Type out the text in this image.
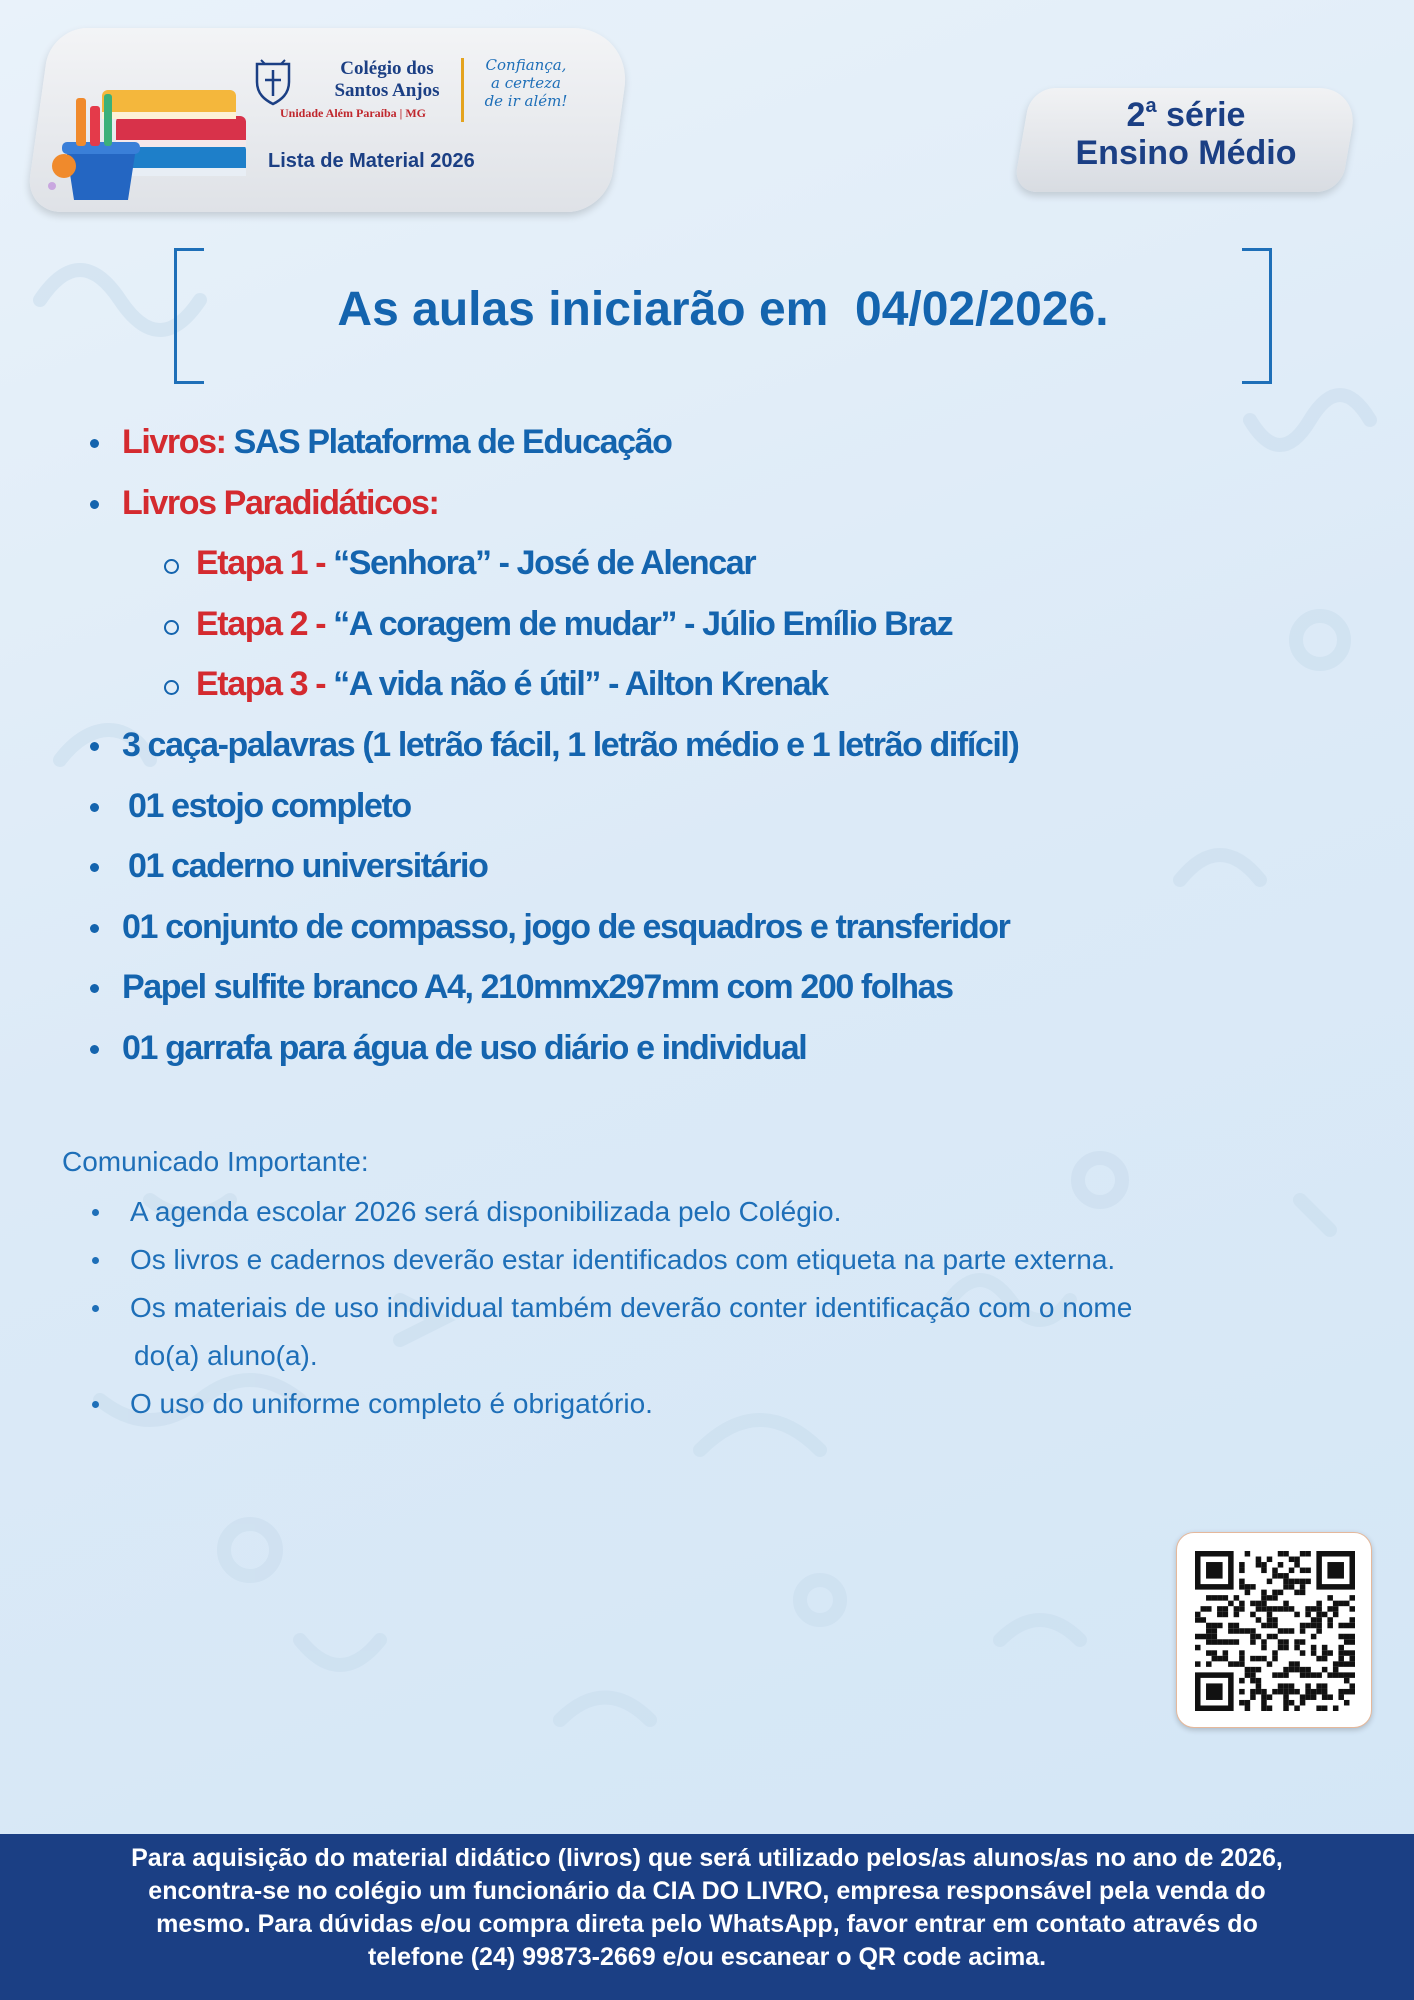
Colégio dos
Santos Anjos
Unidade Além Paraíba | MG
Confiança,
a certeza
de ir além!
Lista de Material 2026
2$^a$ série
Ensino Médio
As aulas iniciarão em  04/02/2026.
Livros: SAS Plataforma de Educação
Livros Paradidáticos:
Etapa 1 - “Senhora” - José de Alencar
Etapa 2 - “A coragem de mudar” - Júlio Emílio Braz
Etapa 3 - “A vida não é útil” - Ailton Krenak
3 caça-palavras (1 letrão fácil, 1 letrão médio e 1 letrão difícil)
01 estojo completo
01 caderno universitário
01 conjunto de compasso, jogo de esquadros e transferidor
Papel sulfite branco A4, 210mmx297mm com 200 folhas
01 garrafa para água de uso diário e individual
Comunicado Importante:
A agenda escolar 2026 será disponibilizada pelo Colégio.
Os livros e cadernos deverão estar identificados com etiqueta na parte externa.
Os materiais de uso individual também deverão conter identificação com o nome
do(a) aluno(a).
O uso do uniforme completo é obrigatório.
Para aquisição do material didático (livros) que será utilizado pelos/as alunos/as no ano de 2026,
encontra-se no colégio um funcionário da CIA DO LIVRO, empresa responsável pela venda do
mesmo. Para dúvidas e/ou compra direta pelo WhatsApp, favor entrar em contato através do
telefone (24) 99873-2669 e/ou escanear o QR code acima.
